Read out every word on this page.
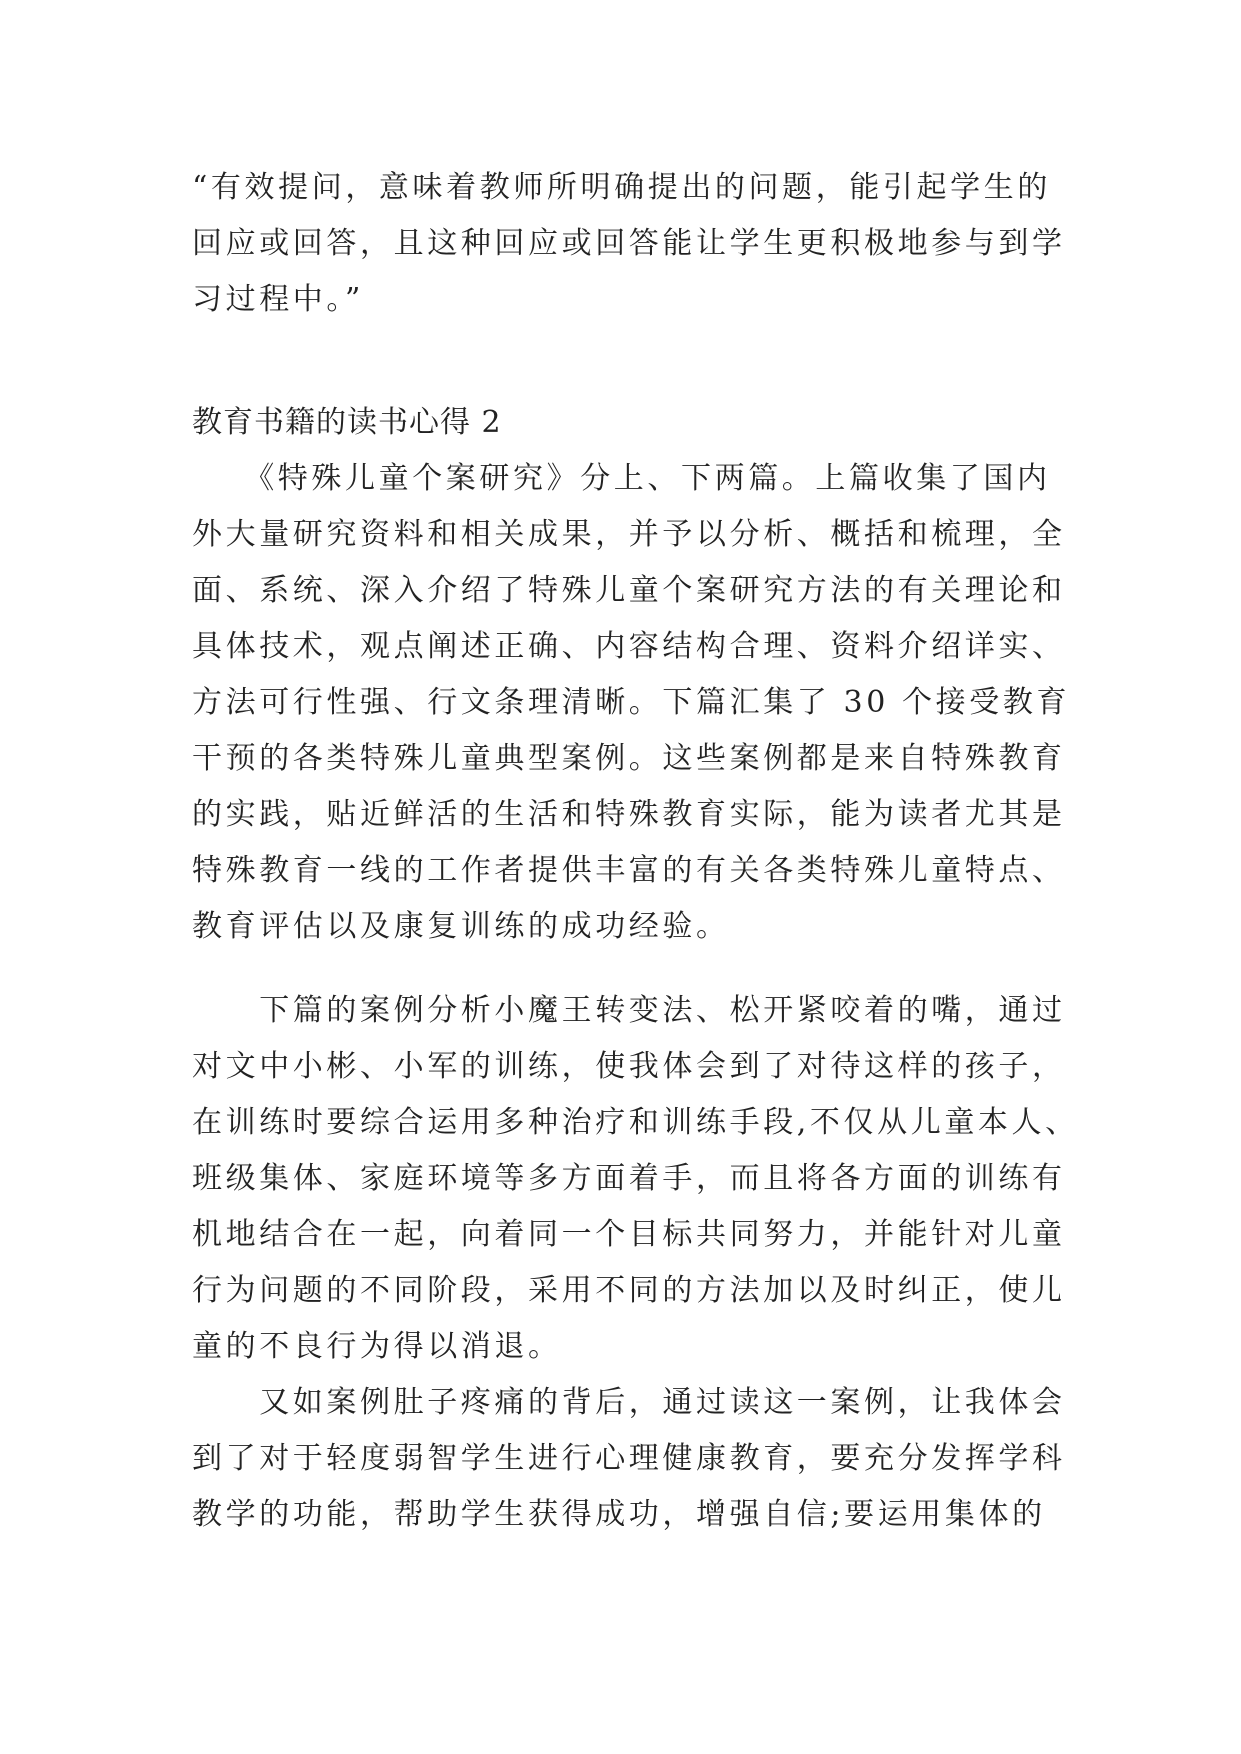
“有效提问，意味着教师所明确提出的问题，能引起学生的
回应或回答，且这种回应或回答能让学生更积极地参与到学
习过程中。”
教育书籍的读书心得 2
　　《特殊儿童个案研究》分上、下两篇。上篇收集了国内
外大量研究资料和相关成果，并予以分析、概括和梳理，全
面、系统、深入介绍了特殊儿童个案研究方法的有关理论和
具体技术，观点阐述正确、内容结构合理、资料介绍详实、
方法可行性强、行文条理清晰。下篇汇集了 30 个接受教育
干预的各类特殊儿童典型案例。这些案例都是来自特殊教育
的实践，贴近鲜活的生活和特殊教育实际，能为读者尤其是
特殊教育一线的工作者提供丰富的有关各类特殊儿童特点、
教育评估以及康复训练的成功经验。
　　下篇的案例分析小魔王转变法、松开紧咬着的嘴，通过
对文中小彬、小军的训练，使我体会到了对待这样的孩子，
在训练时要综合运用多种治疗和训练手段,不仅从儿童本人、
班级集体、家庭环境等多方面着手，而且将各方面的训练有
机地结合在一起，向着同一个目标共同努力，并能针对儿童
行为问题的不同阶段，采用不同的方法加以及时纠正，使儿
童的不良行为得以消退。
　　又如案例肚子疼痛的背后，通过读这一案例，让我体会
到了对于轻度弱智学生进行心理健康教育，要充分发挥学科
教学的功能，帮助学生获得成功，增强自信;要运用集体的
